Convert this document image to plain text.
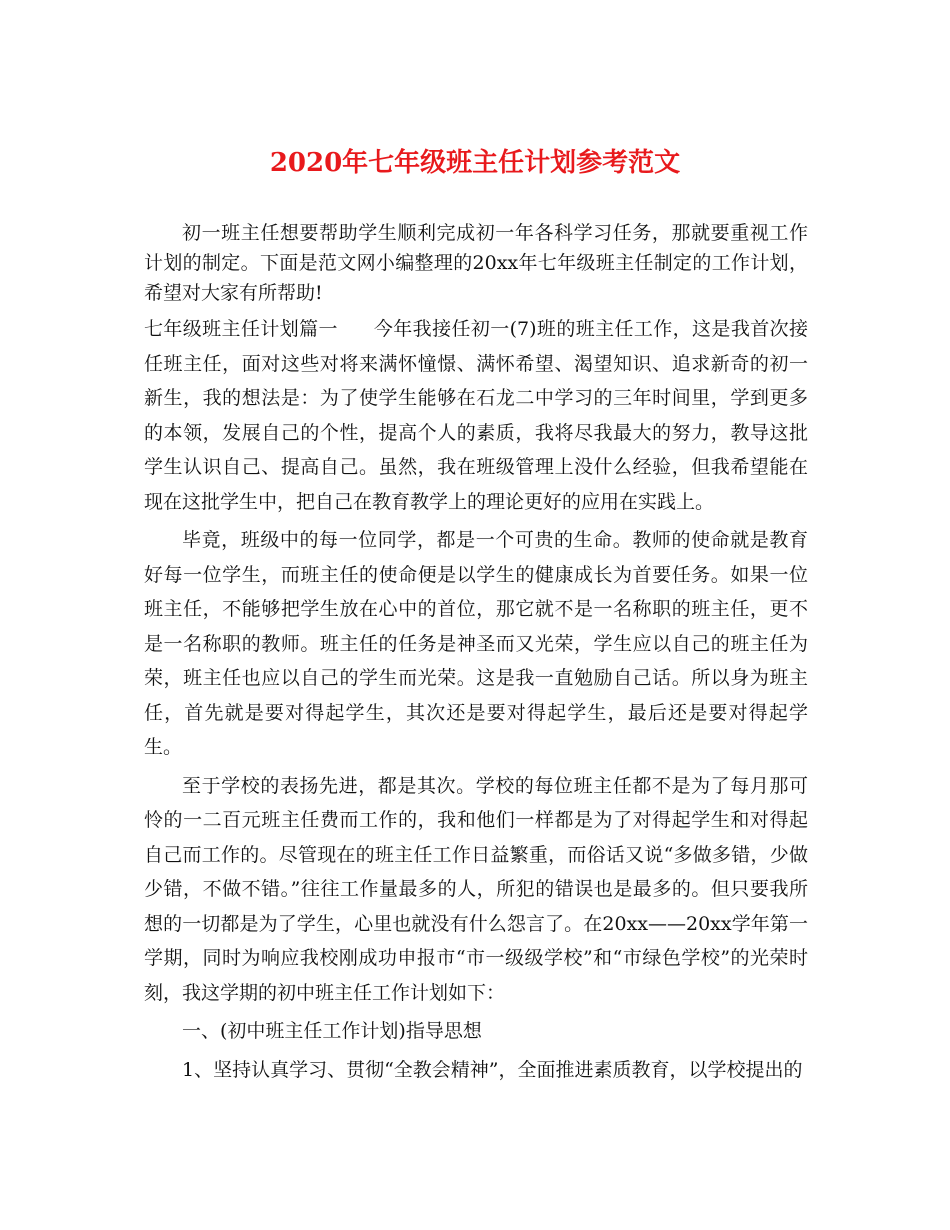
2020年七年级班主任计划参考范文

初一班主任想要帮助学生顺利完成初一年各科学习任务，那就要重视工作计划的制定。下面是范文网小编整理的20xx年七年级班主任制定的工作计划，希望对大家有所帮助!

七年级班主任计划篇一 今年我接任初一(7)班的班主任工作，这是我首次接任班主任，面对这些对将来满怀憧憬、满怀希望、渴望知识、追求新奇的初一新生，我的想法是：为了使学生能够在石龙二中学习的三年时间里，学到更多的本领，发展自己的个性，提高个人的素质，我将尽我最大的努力，教导这批学生认识自己、提高自己。虽然，我在班级管理上没什么经验，但我希望能在现在这批学生中，把自己在教育教学上的理论更好的应用在实践上。

毕竟，班级中的每一位同学，都是一个可贵的生命。教师的使命就是教育好每一位学生，而班主任的使命便是以学生的健康成长为首要任务。如果一位班主任，不能够把学生放在心中的首位，那它就不是一名称职的班主任，更不是一名称职的教师。班主任的任务是神圣而又光荣，学生应以自己的班主任为荣，班主任也应以自己的学生而光荣。这是我一直勉励自己话。所以身为班主任，首先就是要对得起学生，其次还是要对得起学生，最后还是要对得起学生。

至于学校的表扬先进，都是其次。学校的每位班主任都不是为了每月那可怜的一二百元班主任费而工作的，我和他们一样都是为了对得起学生和对得起自己而工作的。尽管现在的班主任工作日益繁重，而俗话又说“多做多错，少做少错，不做不错。”往往工作量最多的人，所犯的错误也是最多的。但只要我所想的一切都是为了学生，心里也就没有什么怨言了。在20xx——20xx学年第一学期，同时为响应我校刚成功申报市“市一级级学校”和“市绿色学校”的光荣时刻，我这学期的初中班主任工作计划如下：

一、(初中班主任工作计划)指导思想

1、坚持认真学习、贯彻“全教会精神”，全面推进素质教育，以学校提出的
